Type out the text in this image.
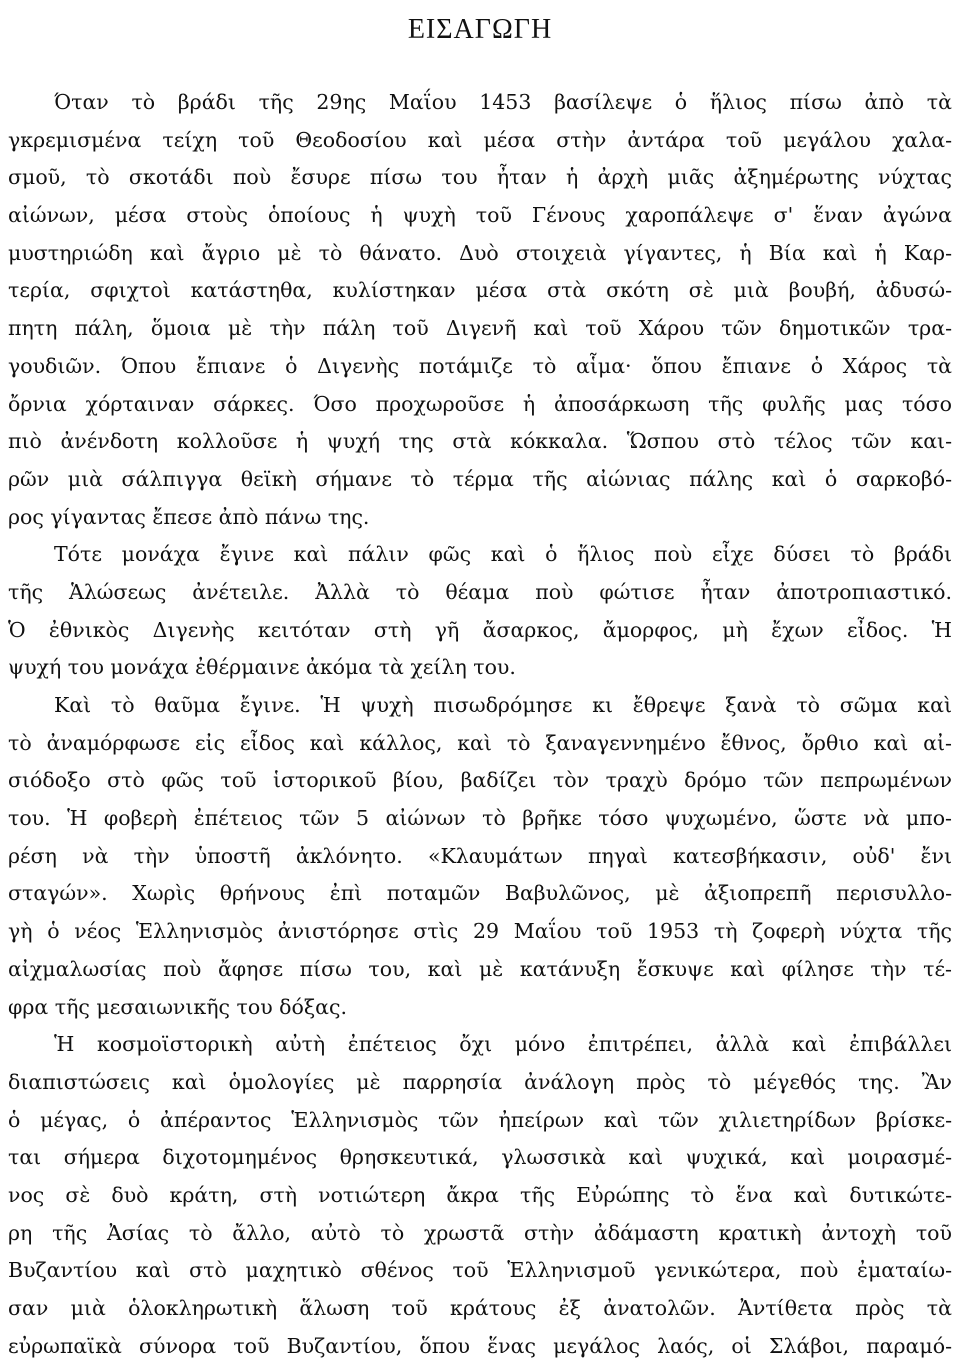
ΕΙΣΑΓΩΓΗ
Όταν τὸ βράδι τῆς 29ης Μαΐου 1453 βασίλεψε ὁ ἥλιος πίσω ἀπὸ τὰ
γκρεμισμένα τείχη τοῦ Θεοδοσίου καὶ μέσα στὴν ἀντάρα τοῦ μεγάλου χαλα-
σμοῦ, τὸ σκοτάδι ποὺ ἔσυρε πίσω του ἦταν ἡ ἀρχὴ μιᾶς ἀξημέρωτης νύχτας
αἰώνων, μέσα στοὺς ὁποίους ἡ ψυχὴ τοῦ Γένους χαροπάλεψε σ' ἕναν ἀγώνα
μυστηριώδη καὶ ἄγριο μὲ τὸ θάνατο. Δυὸ στοιχειὰ γίγαντες, ἡ Βία καὶ ἡ Καρ-
τερία, σφιχτοὶ κατάστηθα, κυλίστηκαν μέσα στὰ σκότη σὲ μιὰ βουβή, ἀδυσώ-
πητη πάλη, ὅμοια μὲ τὴν πάλη τοῦ Διγενῆ καὶ τοῦ Χάρου τῶν δημοτικῶν τρα-
γουδιῶν. Όπου ἔπιανε ὁ Διγενὴς ποτάμιζε τὸ αἷμα· ὅπου ἔπιανε ὁ Χάρος τὰ
ὄρνια χόρταιναν σάρκες. Όσο προχωροῦσε ἡ ἀποσάρκωση τῆς φυλῆς μας τόσο
πιὸ ἀνένδοτη κολλοῦσε ἡ ψυχή της στὰ κόκκαλα. Ὥσπου στὸ τέλος τῶν και-
ρῶν μιὰ σάλπιγγα θεϊκὴ σήμανε τὸ τέρμα τῆς αἰώνιας πάλης καὶ ὁ σαρκοβό-
ρος γίγαντας ἔπεσε ἀπὸ πάνω της.
Τότε μονάχα ἔγινε καὶ πάλιν φῶς καὶ ὁ ἥλιος ποὺ εἶχε δύσει τὸ βράδι
τῆς Ἁλώσεως ἀνέτειλε. Ἀλλὰ τὸ θέαμα ποὺ φώτισε ἦταν ἀποτροπιαστικό.
Ὁ ἐθνικὸς Διγενὴς κειτόταν στὴ γῆ ἄσαρκος, ἄμορφος, μὴ ἔχων εἶδος. Ἡ
ψυχή του μονάχα ἐθέρμαινε ἀκόμα τὰ χείλη του.
Καὶ τὸ θαῦμα ἔγινε. Ἡ ψυχὴ πισωδρόμησε κι ἔθρεψε ξανὰ τὸ σῶμα καὶ
τὸ ἀναμόρφωσε εἰς εἶδος καὶ κάλλος, καὶ τὸ ξαναγεννημένο ἔθνος, ὄρθιο καὶ αἰ-
σιόδοξο στὸ φῶς τοῦ ἱστορικοῦ βίου, βαδίζει τὸν τραχὺ δρόμο τῶν πεπρωμένων
του. Ἡ φοβερὴ ἐπέτειος τῶν 5 αἰώνων τὸ βρῆκε τόσο ψυχωμένο, ὥστε νὰ μπο-
ρέση νὰ τὴν ὑποστῆ ἀκλόνητο. «Κλαυμάτων πηγαὶ κατεσβήκασιν, οὐδ' ἔνι
σταγών». Χωρὶς θρήνους ἐπὶ ποταμῶν Βαβυλῶνος, μὲ ἀξιοπρεπῆ περισυλλο-
γὴ ὁ νέος Ἑλληνισμὸς ἀνιστόρησε στὶς 29 Μαΐου τοῦ 1953 τὴ ζοφερὴ νύχτα τῆς
αἰχμαλωσίας ποὺ ἄφησε πίσω του, καὶ μὲ κατάνυξη ἔσκυψε καὶ φίλησε τὴν τέ-
φρα τῆς μεσαιωνικῆς του δόξας.
Ἡ κοσμοϊστορικὴ αὐτὴ ἐπέτειος ὄχι μόνο ἐπιτρέπει, ἀλλὰ καὶ ἐπιβάλλει
διαπιστώσεις καὶ ὁμολογίες μὲ παρρησία ἀνάλογη πρὸς τὸ μέγεθός της. Ἂν
ὁ μέγας, ὁ ἀπέραντος Ἑλληνισμὸς τῶν ἠπείρων καὶ τῶν χιλιετηρίδων βρίσκε-
ται σήμερα διχοτομημένος θρησκευτικά, γλωσσικὰ καὶ ψυχικά, καὶ μοιρασμέ-
νος σὲ δυὸ κράτη, στὴ νοτιώτερη ἄκρα τῆς Εὐρώπης τὸ ἕνα καὶ δυτικώτε-
ρη τῆς Ἀσίας τὸ ἄλλο, αὐτὸ τὸ χρωστᾶ στὴν ἀδάμαστη κρατικὴ ἀντοχὴ τοῦ
Βυζαντίου καὶ στὸ μαχητικὸ σθένος τοῦ Ἑλληνισμοῦ γενικώτερα, ποὺ ἐματαίω-
σαν μιὰ ὁλοκληρωτικὴ ἅλωση τοῦ κράτους ἐξ ἀνατολῶν. Ἀντίθετα πρὸς τὰ
εὐρωπαϊκὰ σύνορα τοῦ Βυζαντίου, ὅπου ἕνας μεγάλος λαός, οἱ Σλάβοι, παραμό-
